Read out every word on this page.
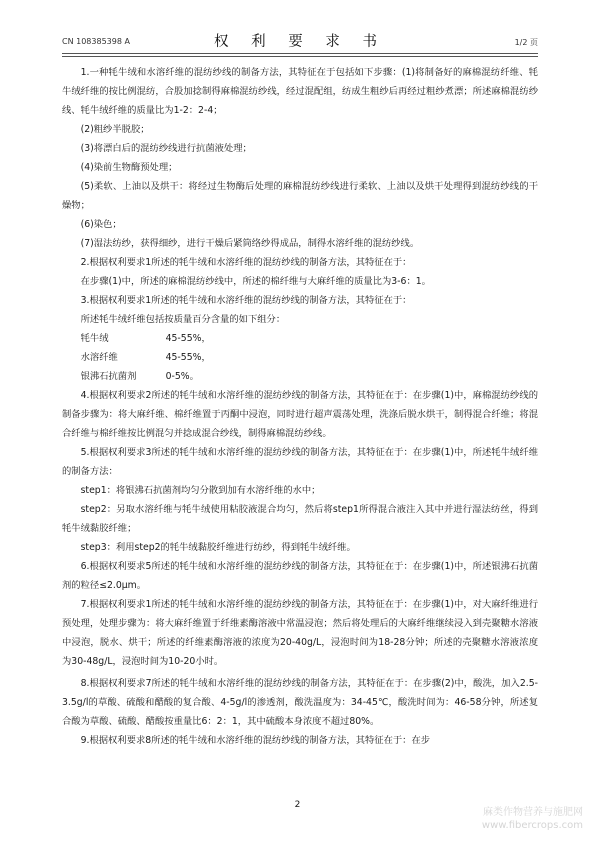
CN 108385398 A	权 利 要 求 书	1/2 页

1.一种牦牛绒和水溶纤维的混纺纱线的制备方法，其特征在于包括如下步骤：(1)将制备好的麻棉混纺纤维、牦牛绒纤维的按比例混纺，合股加捻制得麻棉混纺纱线，经过混配组，纺成生粗纱后再经过粗纱煮漂；所述麻棉混纺纱线、牦牛绒纤维的质量比为1-2：2-4；

(2)粗纱半脱胶；

(3)将漂白后的混纺纱线进行抗菌液处理；

(4)染前生物酶预处理；

(5)柔软、上油以及烘干：将经过生物酶后处理的麻棉混纺纱线进行柔软、上油以及烘干处理得到混纺纱线的干燥物；

(6)染色；

(7)湿法纺纱，获得细纱，进行干燥后紧筒络纱得成品，制得水溶纤维的混纺纱线。

2.根据权利要求1所述的牦牛绒和水溶纤维的混纺纱线的制备方法，其特征在于：

在步骤(1)中，所述的麻棉混纺纱线中，所述的棉纤维与大麻纤维的质量比为3-6：1。

3.根据权利要求1所述的牦牛绒和水溶纤维的混纺纱线的制备方法，其特征在于：

所述牦牛绒纤维包括按质量百分含量的如下组分：

牦牛绒	45-55%，
水溶纤维	45-55%，
银沸石抗菌剂	0-5%。

4.根据权利要求2所述的牦牛绒和水溶纤维的混纺纱线的制备方法，其特征在于：在步骤(1)中，麻棉混纺纱线的制备步骤为：将大麻纤维、棉纤维置于丙酮中浸泡，同时进行超声震荡处理，洗涤后脱水烘干，制得混合纤维；将混合纤维与棉纤维按比例混匀并捻成混合纱线，制得麻棉混纺纱线。

5.根据权利要求3所述的牦牛绒和水溶纤维的混纺纱线的制备方法，其特征在于：在步骤(1)中，所述牦牛绒纤维的制备方法：

step1：将银沸石抗菌剂均匀分散到加有水溶纤维的水中；

step2：另取水溶纤维与牦牛绒使用粘胶液混合均匀，然后将step1所得混合液注入其中并进行湿法纺丝，得到牦牛绒黏胶纤维；

step3：利用step2的牦牛绒黏胶纤维进行纺纱，得到牦牛绒纤维。

6.根据权利要求5所述的牦牛绒和水溶纤维的混纺纱线的制备方法，其特征在于：在步骤(1)中，所述银沸石抗菌剂的粒径≤2.0μm。

7.根据权利要求1所述的牦牛绒和水溶纤维的混纺纱线的制备方法，其特征在于：在步骤(1)中，对大麻纤维进行预处理，处理步骤为：将大麻纤维置于纤维素酶溶液中常温浸泡；然后将处理后的大麻纤维继续浸入到壳聚糖水溶液中浸泡，脱水、烘干；所述的纤维素酶溶液的浓度为20-40g/L，浸泡时间为18-28分钟；所述的壳聚糖水溶液浓度为30-48g/L，浸泡时间为10-20小时。

8.根据权利要求7所述的牦牛绒和水溶纤维的混纺纱线的制备方法，其特征在于：在步骤(2)中，酸洗，加入2.5-3.5g/l的草酸、硫酸和醋酸的复合酸、4-5g/l的渗透剂，酸洗温度为：34-45℃，酸洗时间为：46-58分钟，所述复合酸为草酸、硫酸、醋酸按重量比6：2：1，其中硫酸本身浓度不超过80%。

9.根据权利要求8所述的牦牛绒和水溶纤维的混纺纱线的制备方法，其特征在于：在步

2
麻类作物营养与施肥网
www.fibercrops.com
